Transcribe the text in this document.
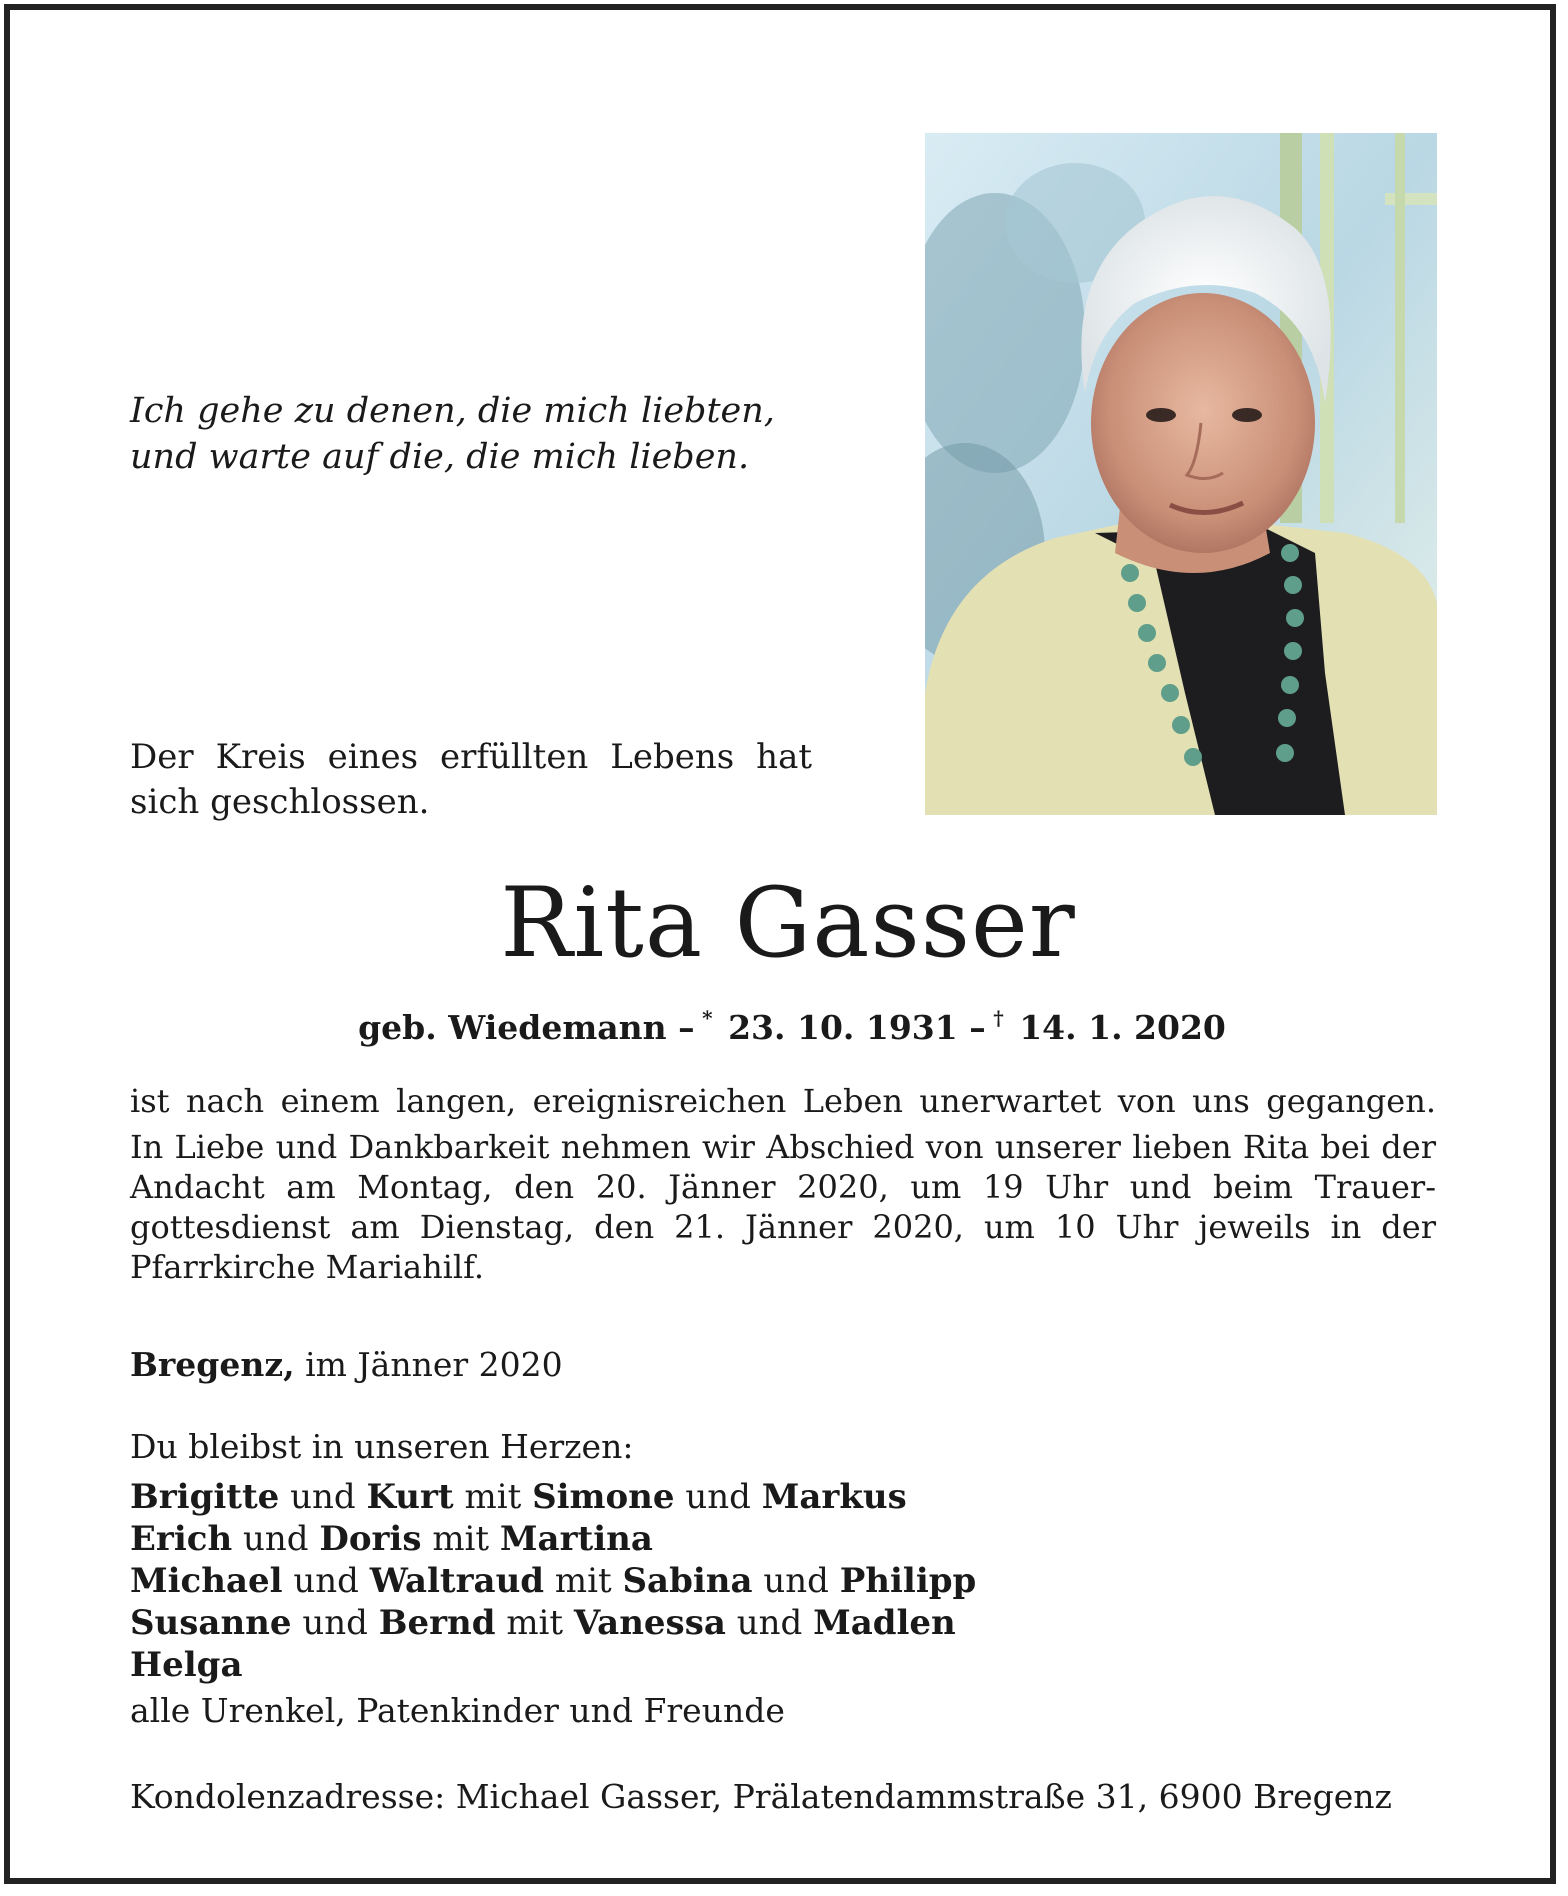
Ich gehe zu denen, die mich liebten,
und warte auf die, die mich lieben.
Der Kreis eines erfüllten Lebens hat sich geschlossen.
Rita Gasser
geb. Wiedemann – * 23. 10. 1931 – † 14. 1. 2020

ist nach einem langen, ereignisreichen Leben unerwartet von uns gegangen.

In Liebe und Dankbarkeit nehmen wir Abschied von unserer lieben Rita bei der Andacht am Montag, den 20. Jänner 2020, um 19 Uhr und beim Trauergottesdienst am Dienstag, den 21. Jänner 2020, um 10 Uhr jeweils in der Pfarrkirche Mariahilf.

Bregenz, im Jänner 2020
Du bleibst in unseren Herzen:
Brigitte und Kurt mit Simone und Markus
Erich und Doris mit Martina
Michael und Waltraud mit Sabina und Philipp
Susanne und Bernd mit Vanessa und Madlen
Helga
alle Urenkel, Patenkinder und Freunde
Kondolenzadresse: Michael Gasser, Prälatendammstraße 31, 6900 Bregenz
